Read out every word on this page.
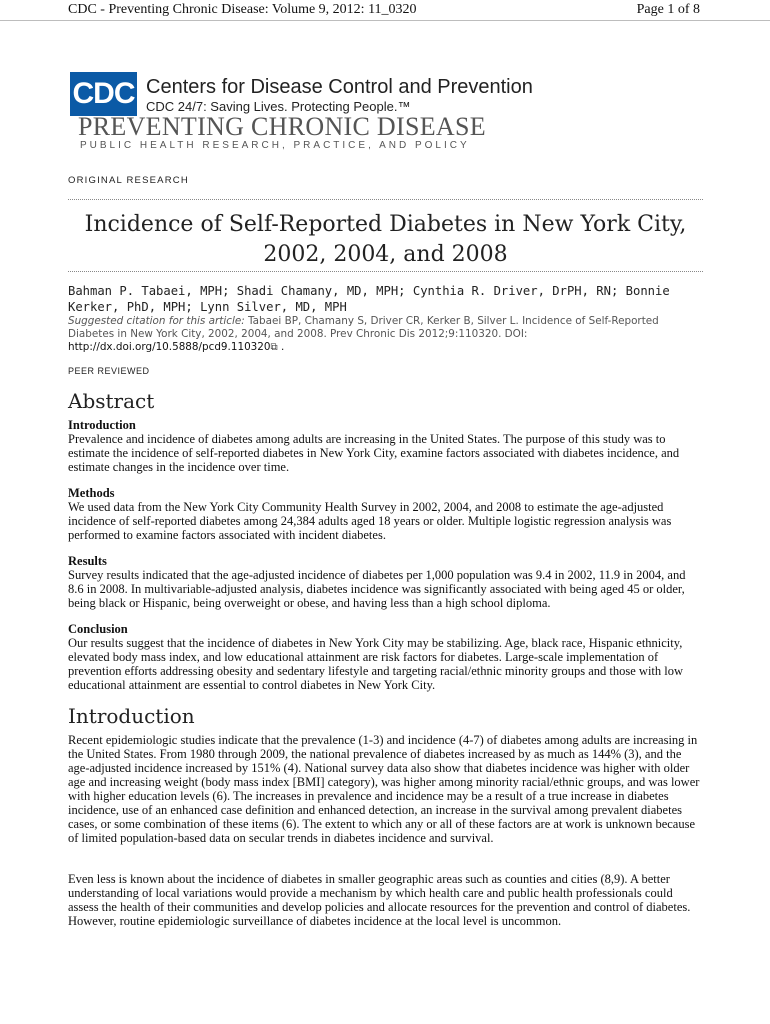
CDC - Preventing Chronic Disease: Volume 9, 2012: 11_0320	Page 1 of 8
CDC Centers for Disease Control and Prevention
CDC 24/7: Saving Lives. Protecting People.™
PREVENTING CHRONIC DISEASE
PUBLIC HEALTH RESEARCH, PRACTICE, AND POLICY
ORIGINAL RESEARCH
Incidence of Self-Reported Diabetes in New York City,
2002, 2004, and 2008
Bahman P. Tabaei, MPH; Shadi Chamany, MD, MPH; Cynthia R. Driver, DrPH, RN; Bonnie
Kerker, PhD, MPH; Lynn Silver, MD, MPH
Suggested citation for this article: Tabaei BP, Chamany S, Driver CR, Kerker B, Silver L. Incidence of Self-Reported Diabetes in New York City, 2002, 2004, and 2008. Prev Chronic Dis 2012;9:110320. DOI:
http://dx.doi.org/10.5888/pcd9.110320⧉ .
PEER REVIEWED
Abstract
Introduction
Prevalence and incidence of diabetes among adults are increasing in the United States. The purpose of this study was to estimate the incidence of self-reported diabetes in New York City, examine factors associated with diabetes incidence, and estimate changes in the incidence over time.
Methods
We used data from the New York City Community Health Survey in 2002, 2004, and 2008 to estimate the age-adjusted incidence of self-reported diabetes among 24,384 adults aged 18 years or older. Multiple logistic regression analysis was performed to examine factors associated with incident diabetes.
Results
Survey results indicated that the age-adjusted incidence of diabetes per 1,000 population was 9.4 in 2002, 11.9 in 2004, and 8.6 in 2008. In multivariable-adjusted analysis, diabetes incidence was significantly associated with being aged 45 or older, being black or Hispanic, being overweight or obese, and having less than a high school diploma.
Conclusion
Our results suggest that the incidence of diabetes in New York City may be stabilizing. Age, black race, Hispanic ethnicity, elevated body mass index, and low educational attainment are risk factors for diabetes. Large-scale implementation of prevention efforts addressing obesity and sedentary lifestyle and targeting racial/ethnic minority groups and those with low educational attainment are essential to control diabetes in New York City.
Introduction
Recent epidemiologic studies indicate that the prevalence (1-3) and incidence (4-7) of diabetes among adults are increasing in the United States. From 1980 through 2009, the national prevalence of diabetes increased by as much as 144% (3), and the age-adjusted incidence increased by 151% (4). National survey data also show that diabetes incidence was higher with older age and increasing weight (body mass index [BMI] category), was higher among minority racial/ethnic groups, and was lower with higher education levels (6). The increases in prevalence and incidence may be a result of a true increase in diabetes incidence, use of an enhanced case definition and enhanced detection, an increase in the survival among prevalent diabetes cases, or some combination of these items (6). The extent to which any or all of these factors are at work is unknown because of limited population-based data on secular trends in diabetes incidence and survival.
Even less is known about the incidence of diabetes in smaller geographic areas such as counties and cities (8,9). A better understanding of local variations would provide a mechanism by which health care and public health professionals could assess the health of their communities and develop policies and allocate resources for the prevention and control of diabetes. However, routine epidemiologic surveillance of diabetes incidence at the local level is uncommon.
